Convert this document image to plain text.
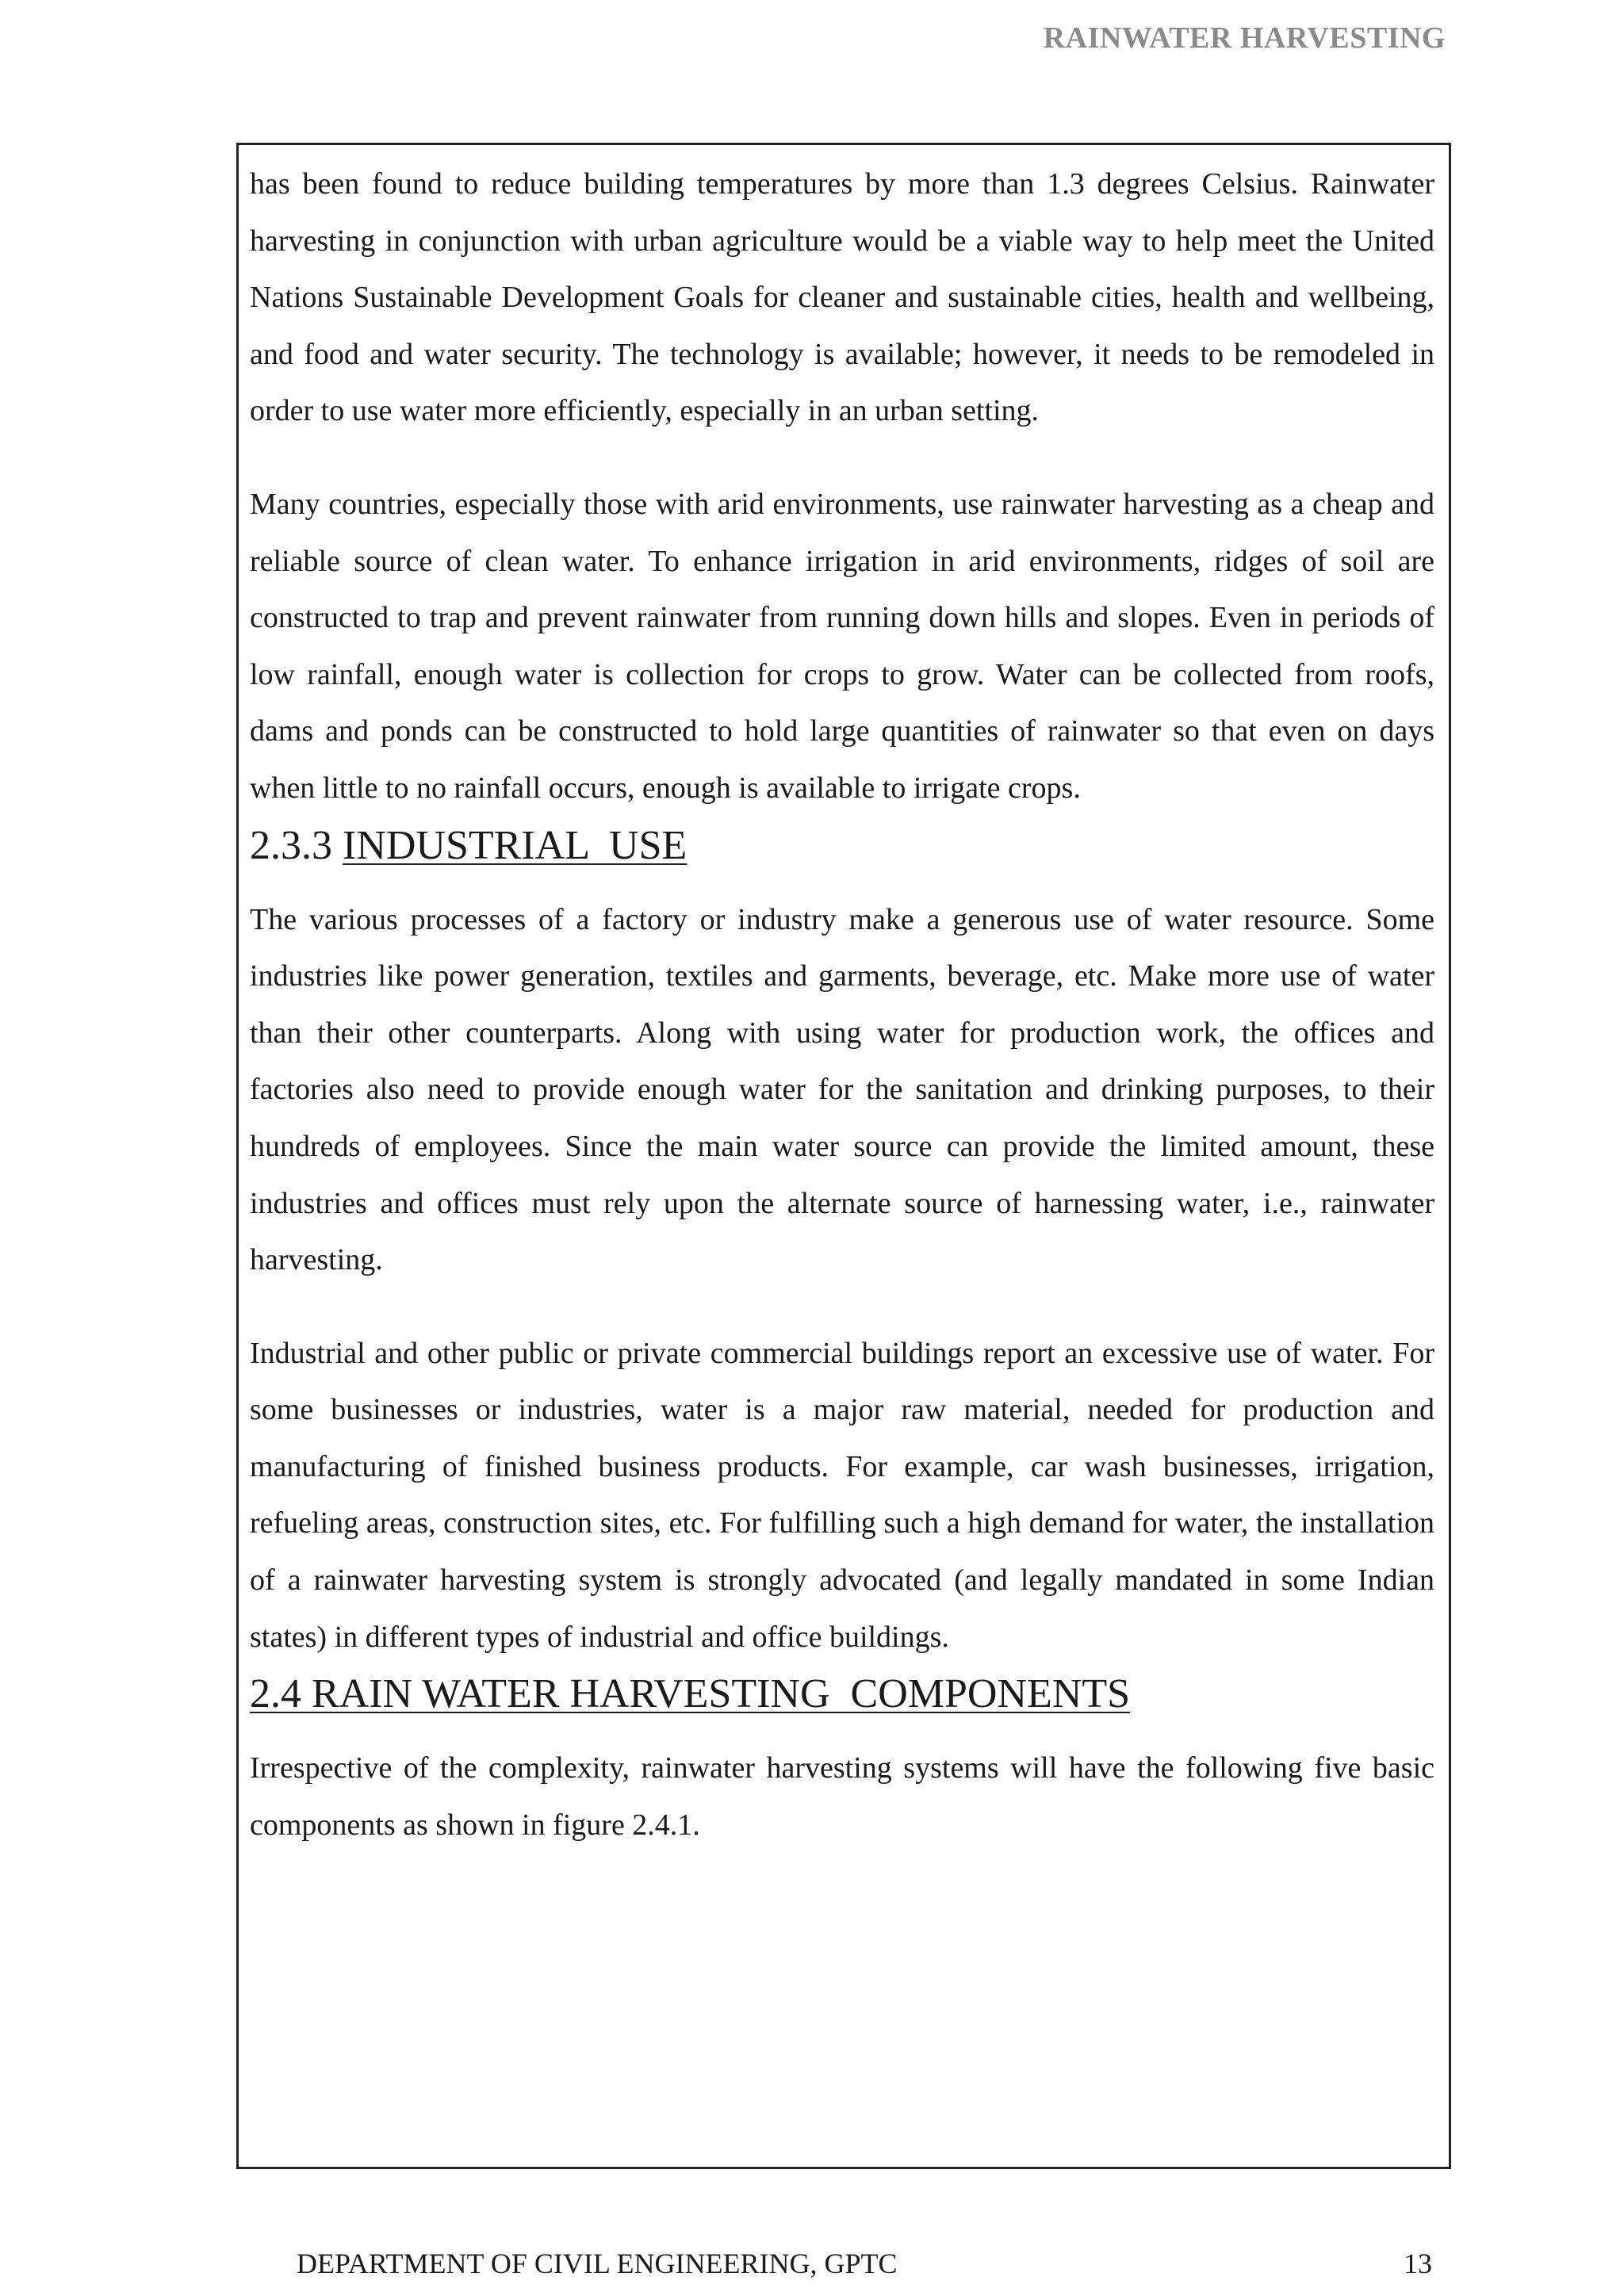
RAINWATER HARVESTING

has been found to reduce building temperatures by more than 1.3 degrees Celsius. Rainwater harvesting in conjunction with urban agriculture would be a viable way to help meet the United Nations Sustainable Development Goals for cleaner and sustainable cities, health and wellbeing, and food and water security. The technology is available; however, it needs to be remodeled in order to use water more efficiently, especially in an urban setting.

Many countries, especially those with arid environments, use rainwater harvesting as a cheap and reliable source of clean water. To enhance irrigation in arid environments, ridges of soil are constructed to trap and prevent rainwater from running down hills and slopes. Even in periods of low rainfall, enough water is collection for crops to grow. Water can be collected from roofs, dams and ponds can be constructed to hold large quantities of rainwater so that even on days when little to no rainfall occurs, enough is available to irrigate crops.

2.3.3 INDUSTRIAL  USE

The various processes of a factory or industry make a generous use of water resource. Some industries like power generation, textiles and garments, beverage, etc. Make more use of water than their other counterparts. Along with using water for production work, the offices and factories also need to provide enough water for the sanitation and drinking purposes, to their hundreds of employees. Since the main water source can provide the limited amount, these industries and offices must rely upon the alternate source of harnessing water, i.e., rainwater harvesting.

Industrial and other public or private commercial buildings report an excessive use of water. For some businesses or industries, water is a major raw material, needed for production and manufacturing of finished business products. For example, car wash businesses, irrigation, refueling areas, construction sites, etc. For fulfilling such a high demand for water, the installation of a rainwater harvesting system is strongly advocated (and legally mandated in some Indian states) in different types of industrial and office buildings.

2.4 RAIN WATER HARVESTING  COMPONENTS

Irrespective of the complexity, rainwater harvesting systems will have the following five basic components as shown in figure 2.4.1.

DEPARTMENT OF CIVIL ENGINEERING, GPTC	13
